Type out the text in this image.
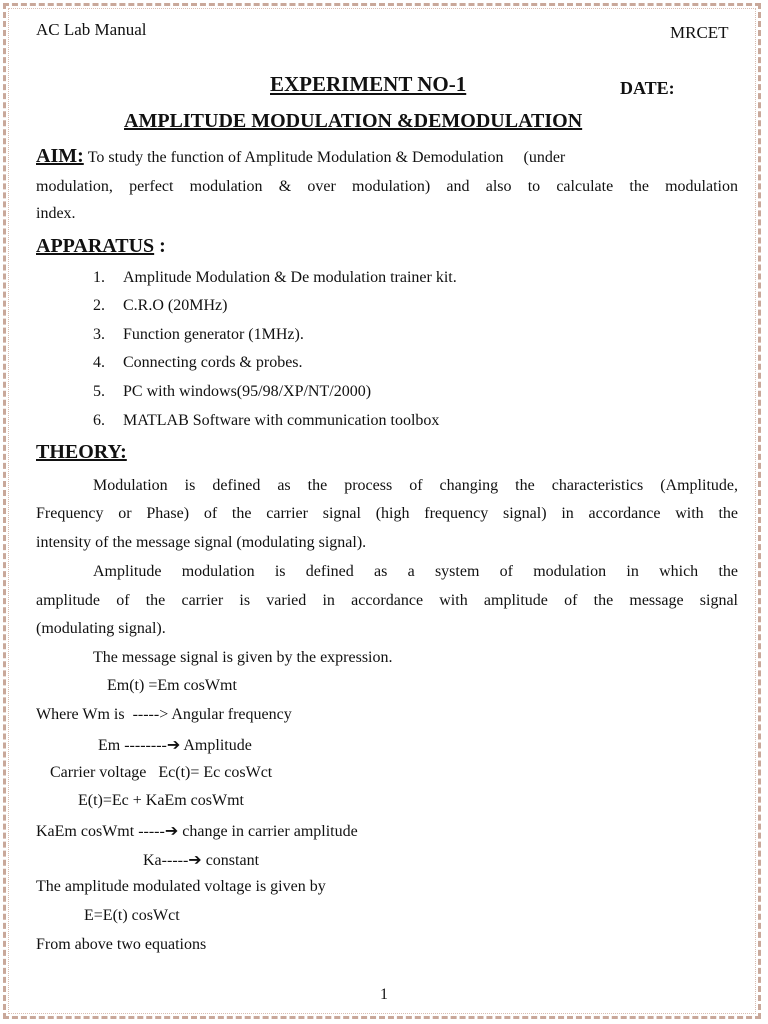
AC Lab Manual	MRCET
EXPERIMENT NO-1	DATE:
AMPLITUDE MODULATION &DEMODULATION
AIM: To study the function of Amplitude Modulation & Demodulation     (under
modulation, perfect modulation & over modulation) and also to calculate the modulation
index.
APPARATUS :
1. Amplitude Modulation & De modulation trainer kit.
2. C.R.O (20MHz)
3. Function generator (1MHz).
4. Connecting cords & probes.
5. PC with windows(95/98/XP/NT/2000)
6. MATLAB Software with communication toolbox
THEORY:
Modulation is defined as the process of changing the characteristics (Amplitude,
Frequency or Phase) of the carrier signal (high frequency signal) in accordance with the
intensity of the message signal (modulating signal).
Amplitude modulation is defined as a system of modulation in which the
amplitude of the carrier is varied in accordance with amplitude of the message signal
(modulating signal).
The message signal is given by the expression.
Em(t) =Em cosWmt
Where Wm is  -----> Angular frequency
Em --------➔ Amplitude
Carrier voltage   Ec(t)= Ec cosWct
E(t)=Ec + KaEm cosWmt
KaEm cosWmt -----➔ change in carrier amplitude
Ka-----➔ constant
The amplitude modulated voltage is given by
E=E(t) cosWct
From above two equations
1
